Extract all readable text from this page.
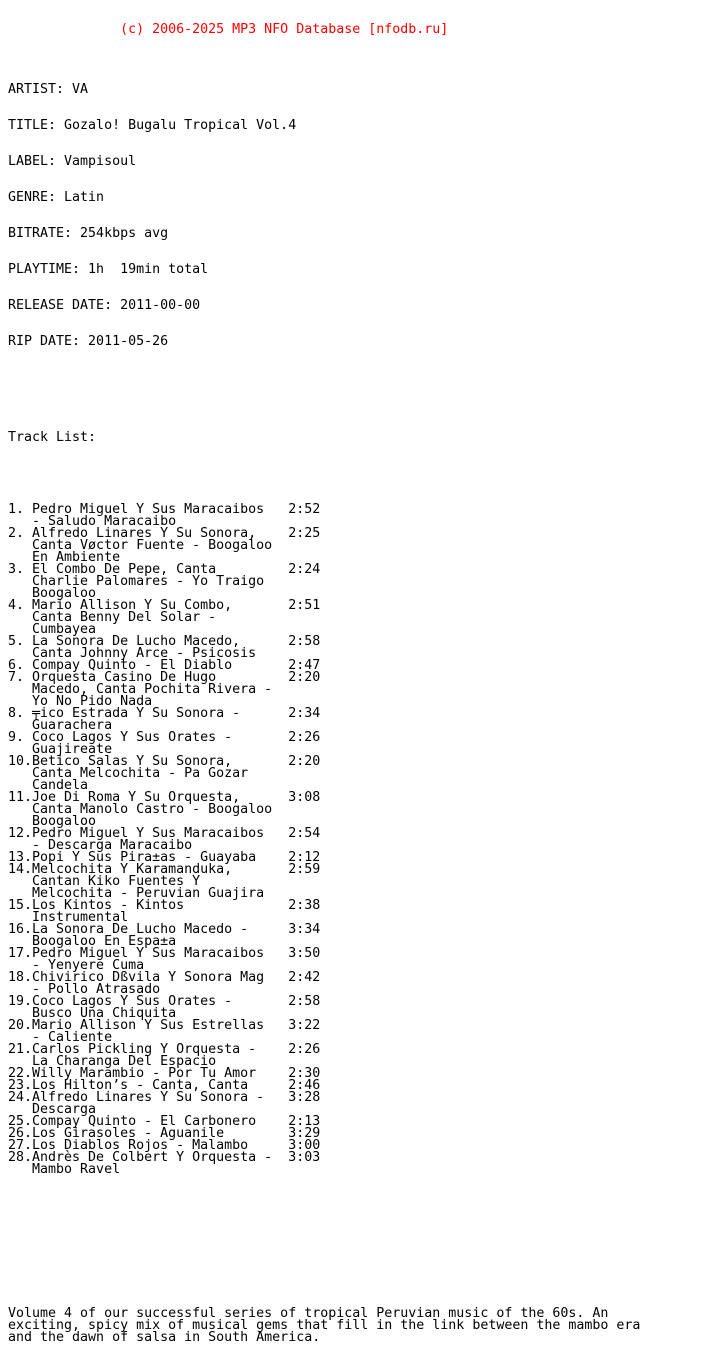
(c) 2006-2025 MP3 NFO Database [nfodb.ru]

ARTIST: VA

TITLE: Gozalo! Bugalu Tropical Vol.4

LABEL: Vampisoul

GENRE: Latin

BITRATE: 254kbps avg

PLAYTIME: 1h  19min total

RELEASE DATE: 2011-00-00

RIP DATE: 2011-05-26

Track List:

1. Pedro Miguel Y Sus Maracaibos   2:52
- Saludo Maracaibo
2. Alfredo Linares Y Su Sonora,    2:25
Canta Vøctor Fuente - Boogaloo
En Ambiente
3. El Combo De Pepe, Canta         2:24
Charlie Palomares - Yo Traigo
Boogaloo
4. Mario Allison Y Su Combo,       2:51
Canta Benny Del Solar -
Cumbayea
5. La Sonora De Lucho Macedo,      2:58
Canta Johnny Arce - Psicosis
6. Compay Quinto - El Diablo       2:47
7. Orquesta Casino De Hugo         2:20
Macedo, Canta Pochita Rivera -
Yo No Pido Nada
8. ╤ico Estrada Y Su Sonora -      2:34
Guarachera
9. Coco Lagos Y Sus Orates -       2:26
Guajireate
10.Betico Salas Y Su Sonora,       2:20
Canta Melcochita - Pa Gozar
Candela
11.Joe Di Roma Y Su Orquesta,      3:08
Canta Manolo Castro - Boogaloo
Boogaloo
12.Pedro Miguel Y Sus Maracaibos   2:54
- Descarga Maracaibo
13.Popi Y Sus Pira±as - Guayaba    2:12
14.Melcochita Y Karamanduka,       2:59
Cantan Kiko Fuentes Y
Melcochita - Peruvian Guajira
15.Los Kintos - Kintos             2:38
Instrumental
16.La Sonora De Lucho Macedo -     3:34
Boogaloo En Espa±a
17.Pedro Miguel Y Sus Maracaibos   3:50
- Yenyere Cuma
18.Chivirico Dßvila Y Sonora Mag   2:42
- Pollo Atrasado
19.Coco Lagos Y Sus Orates -       2:58
Busco Una Chiquita
20.Mario Allison Y Sus Estrellas   3:22
- Caliente
21.Carlos Pickling Y Orquesta -    2:26
La Charanga Del Espacio
22.Willy Marambio - Por Tu Amor    2:30
23.Los Hilton’s - Canta, Canta     2:46
24.Alfredo Linares Y Su Sonora -   3:28
Descarga
25.Compay Quinto - El Carbonero    2:13
26.Los Girasoles - Aguanile        3:29
27.Los Diablos Rojos - Malambo     3:00
28.Andrès De Colbert Y Orquesta -  3:03
Mambo Ravel

Volume 4 of our successful series of tropical Peruvian music of the 60s. An
exciting, spicy mix of musical gems that fill in the link between the mambo era
and the dawn of salsa in South America.
